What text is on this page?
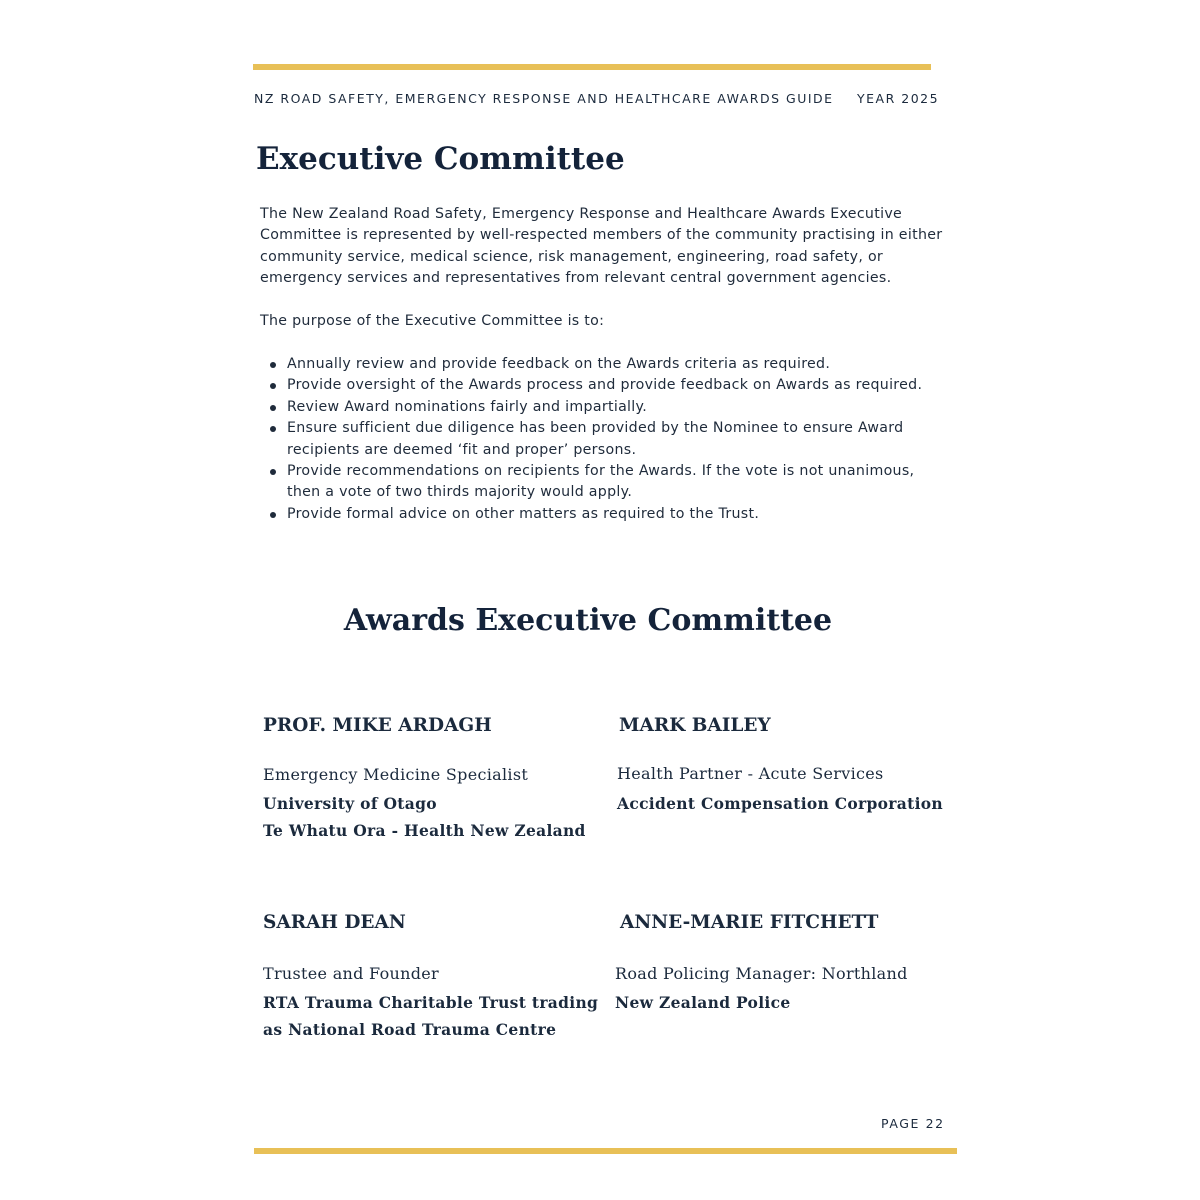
NZ ROAD SAFETY, EMERGENCY RESPONSE AND HEALTHCARE AWARDS GUIDE YEAR 2025
Executive Committee

The New Zealand Road Safety, Emergency Response and Healthcare Awards Executive Committee is represented by well-respected members of the community practising in either community service, medical science, risk management, engineering, road safety, or emergency services and representatives from relevant central government agencies.

The purpose of the Executive Committee is to:

Annually review and provide feedback on the Awards criteria as required.
Provide oversight of the Awards process and provide feedback on Awards as required.
Review Award nominations fairly and impartially.
Ensure sufficient due diligence has been provided by the Nominee to ensure Award recipients are deemed ‘fit and proper’ persons.
Provide recommendations on recipients for the Awards. If the vote is not unanimous, then a vote of two thirds majority would apply.
Provide formal advice on other matters as required to the Trust.
Awards Executive Committee

PROF. MIKE ARDAGH

Emergency Medicine Specialist

University of Otago

Te Whatu Ora - Health New Zealand

MARK BAILEY

Health Partner - Acute Services

Accident Compensation Corporation

SARAH DEAN

Trustee and Founder

RTA Trauma Charitable Trust trading

as National Road Trauma Centre

ANNE-MARIE FITCHETT

Road Policing Manager: Northland

New Zealand Police

PAGE 22
